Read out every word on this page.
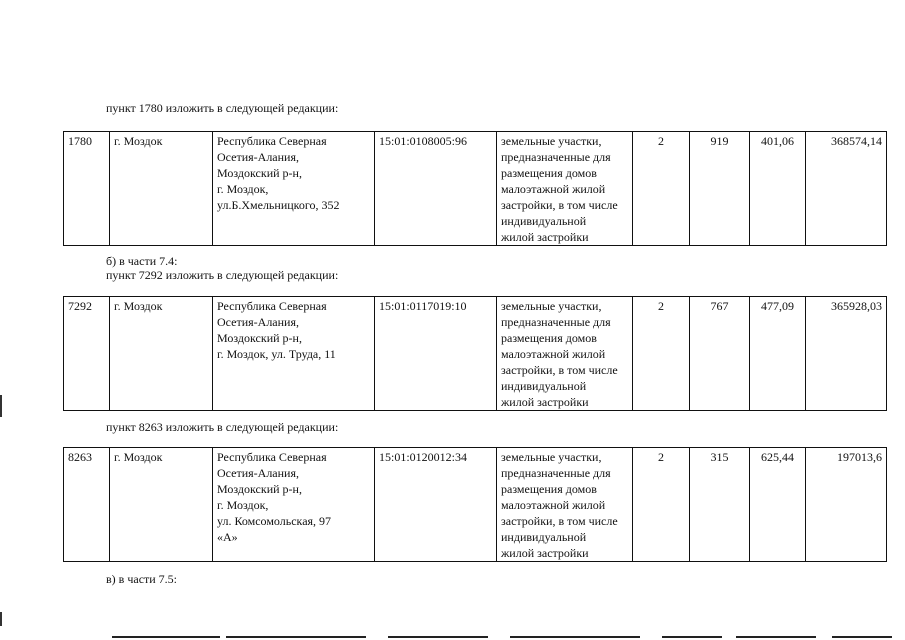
пункт 1780 изложить в следующей редакции:
1780	г. Моздок	Республика Северная
Осетия-Алания,
Моздокский р-н,
г. Моздок,
ул.Б.Хмельницкого, 352
	15:01:0108005:96	земельные участки,
предназначенные для
размещения домов
малоэтажной жилой
застройки, в том числе
индивидуальной
жилой застройки
	2	919	401,06	368574,14
б) в части 7.4:
пункт 7292 изложить в следующей редакции:
7292	г. Моздок	Республика Северная
Осетия-Алания,
Моздокский р-н,
г. Моздок, ул. Труда, 11
	15:01:0117019:10	земельные участки,
предназначенные для
размещения домов
малоэтажной жилой
застройки, в том числе
индивидуальной
жилой застройки
	2	767	477,09	365928,03
пункт 8263 изложить в следующей редакции:
8263	г. Моздок	Республика Северная
Осетия-Алания,
Моздокский р-н,
г. Моздок,
ул. Комсомольская, 97
«А»
	15:01:0120012:34	земельные участки,
предназначенные для
размещения домов
малоэтажной жилой
застройки, в том числе
индивидуальной
жилой застройки
	2	315	625,44	197013,6
в) в части 7.5:
